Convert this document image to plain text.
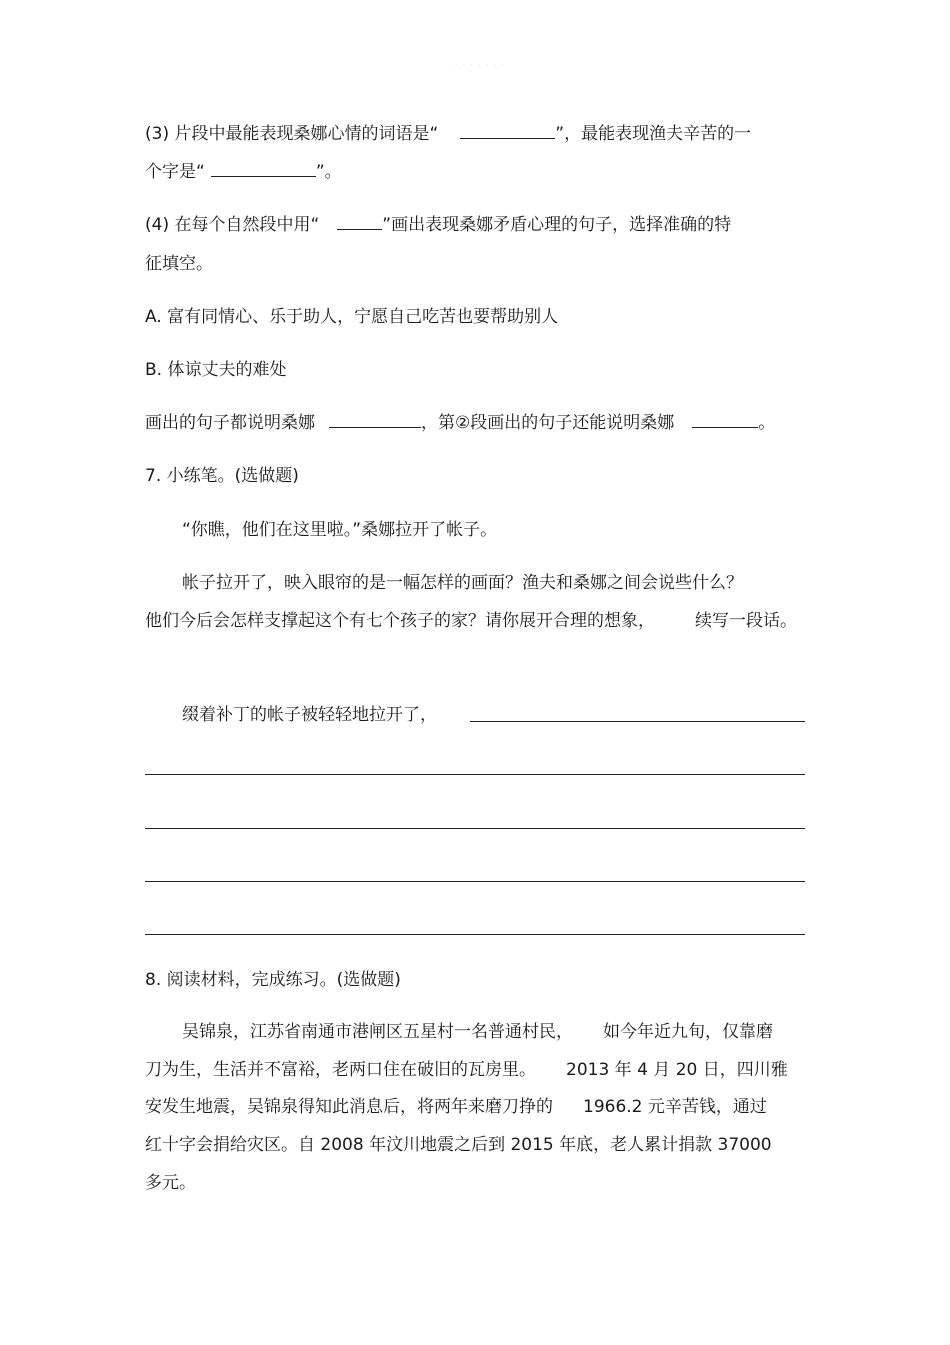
· · · · · · ·
(3) 片段中最能表现桑娜心情的词语是“	”，最能表现渔夫辛苦的一
个字是“	”。
(4) 在每个自然段中用“	”画出表现桑娜矛盾心理的句子，选择准确的特
征填空。
A. 富有同情心、乐于助人，宁愿自己吃苦也要帮助别人
B. 体谅丈夫的难处
画出的句子都说明桑娜	，第②段画出的句子还能说明桑娜	。
7. 小练笔。(选做题)
“你瞧，他们在这里啦。”桑娜拉开了帐子。
帐子拉开了，映入眼帘的是一幅怎样的画面？渔夫和桑娜之间会说些什么？
他们今后会怎样支撑起这个有七个孩子的家？请你展开合理的想象， 续写一段话。
缀着补丁的帐子被轻轻地拉开了，
8. 阅读材料，完成练习。(选做题)
吴锦泉，江苏省南通市港闸区五星村一名普通村民， 如今年近九旬，仅靠磨
刀为生，生活并不富裕，老两口住在破旧的瓦房里。 2013 年 4 月 20 日，四川雅
安发生地震，吴锦泉得知此消息后，将两年来磨刀挣的 1966.2 元辛苦钱，通过
红十字会捐给灾区。自 2008 年汶川地震之后到 2015 年底，老人累计捐款 37000
多元。
